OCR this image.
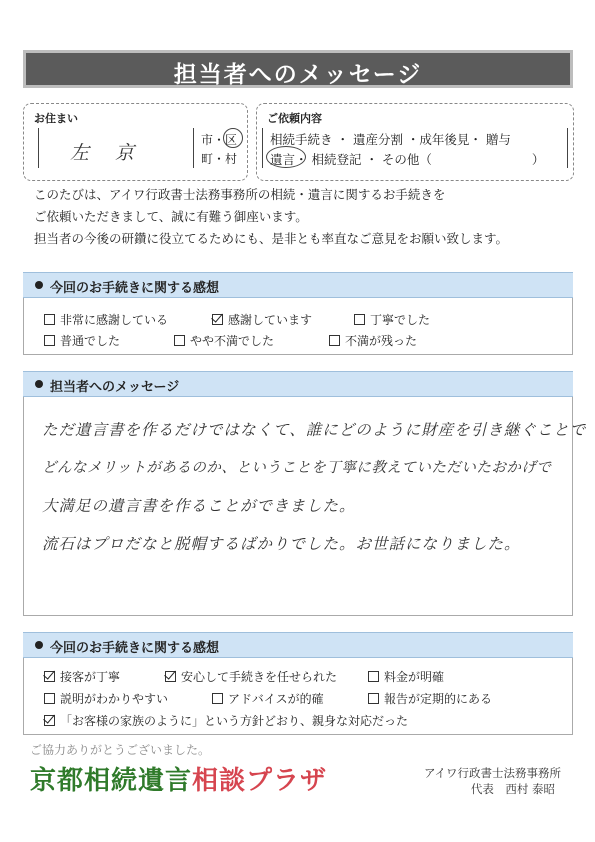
担当者へのメッセージ
お住まい
左 京
市・区
町・村
ご依頼内容
相続手続き ・ 遺産分割 ・成年後見・ 贈与
遺言・ 相続登記 ・ その他（　　　　　　　　）
このたびは、アイワ行政書士法務事務所の相続・遺言に関するお手続きを
ご依頼いただきまして、誠に有難う御座います。
担当者の今後の研鑽に役立てるためにも、是非とも率直なご意見をお願い致します。
今回のお手続きに関する感想
非常に感謝している	感謝しています	丁寧でした
普通でした	やや不満でした	不満が残った
担当者へのメッセージ
ただ遺言書を作るだけではなくて、誰にどのように財産を引き継ぐことで
どんなメリットがあるのか、ということを丁寧に教えていただいたおかげで
大満足の遺言書を作ることができました。
流石はプロだなと脱帽するばかりでした。お世話になりました。
今回のお手続きに関する感想
接客が丁寧	安心して手続きを任せられた	料金が明確
説明がわかりやすい	アドバイスが的確	報告が定期的にある
「お客様の家族のように」という方針どおり、親身な対応だった
ご協力ありがとうございました。
京都相続遺言相談プラザ	アイワ行政書士法務事務所
代表　西村 泰昭
